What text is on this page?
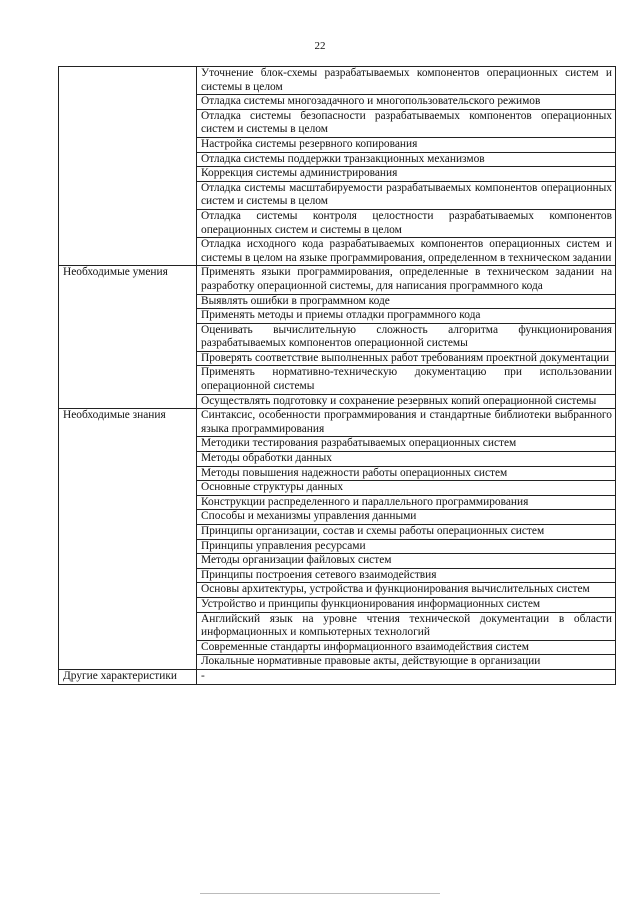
22
	Уточнение блок-схемы разрабатываемых компонентов операционных систем и системы в целом
	Отладка системы многозадачного и многопользовательского режимов
	Отладка системы безопасности разрабатываемых компонентов операционных систем и системы в целом
	Настройка системы резервного копирования
	Отладка системы поддержки транзакционных механизмов
	Коррекция системы администрирования
	Отладка системы масштабируемости разрабатываемых компонентов операционных систем и системы в целом
	Отладка системы контроля целостности разрабатываемых компонентов операционных систем и системы в целом
	Отладка исходного кода разрабатываемых компонентов операционных систем и системы в целом на языке программирования, определенном в техническом задании
Необходимые умения	Применять языки программирования, определенные в техническом задании на разработку операционной системы, для написания программного кода
	Выявлять ошибки в программном коде
	Применять методы и приемы отладки программного кода
	Оценивать вычислительную сложность алгоритма функционирования разрабатываемых компонентов операционной системы
	Проверять соответствие выполненных работ требованиям проектной документации
	Применять нормативно-техническую документацию при использовании операционной системы
	Осуществлять подготовку и сохранение резервных копий операционной системы
Необходимые знания	Синтаксис, особенности программирования и стандартные библиотеки выбранного языка программирования
	Методики тестирования разрабатываемых операционных систем
	Методы обработки данных
	Методы повышения надежности работы операционных систем
	Основные структуры данных
	Конструкции распределенного и параллельного программирования
	Способы и механизмы управления данными
	Принципы организации, состав и схемы работы операционных систем
	Принципы управления ресурсами
	Методы организации файловых систем
	Принципы построения сетевого взаимодействия
	Основы архитектуры, устройства и функционирования вычислительных систем
	Устройство и принципы функционирования информационных систем
	Английский язык на уровне чтения технической документации в области информационных и компьютерных технологий
	Современные стандарты информационного взаимодействия систем
	Локальные нормативные правовые акты, действующие в организации
Другие характеристики	-
